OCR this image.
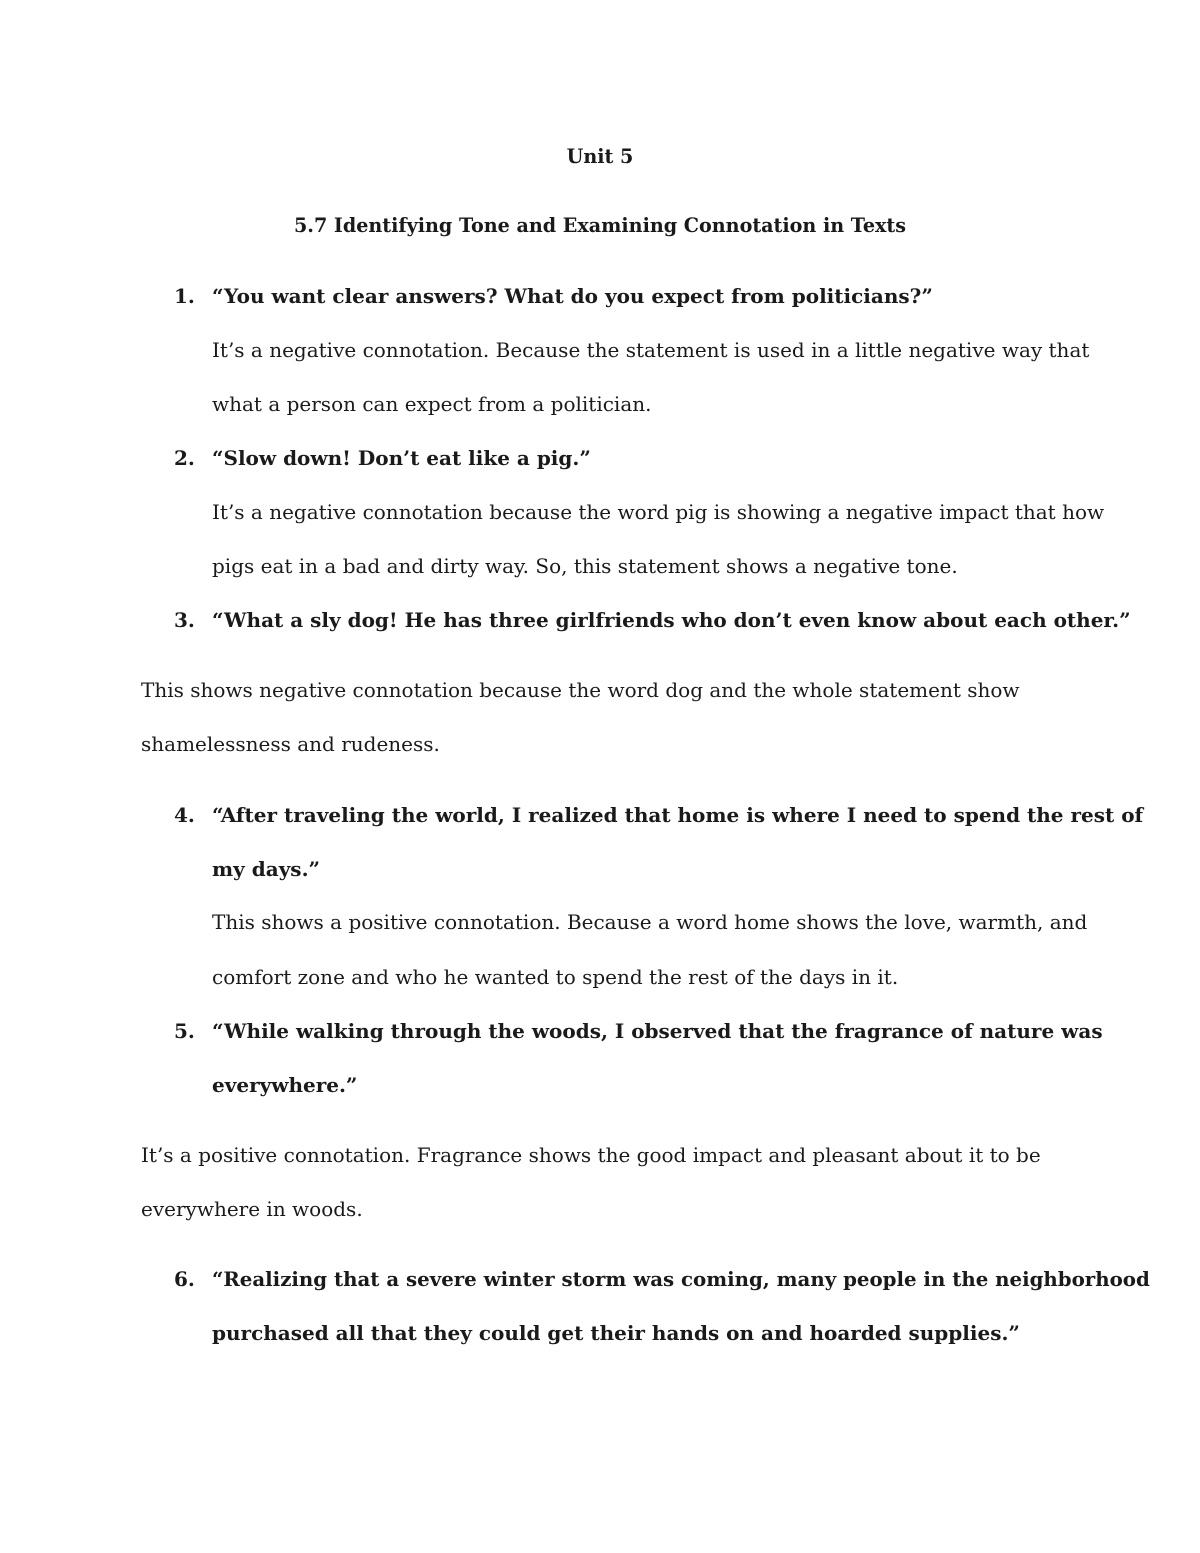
Unit 5
5.7 Identifying Tone and Examining Connotation in Texts
1. “You want clear answers? What do you expect from politicians?”
It’s a negative connotation. Because the statement is used in a little negative way that
what a person can expect from a politician.
2. “Slow down! Don’t eat like a pig.”
It’s a negative connotation because the word pig is showing a negative impact that how
pigs eat in a bad and dirty way. So, this statement shows a negative tone.
3. “What a sly dog! He has three girlfriends who don’t even know about each other.”
This shows negative connotation because the word dog and the whole statement show
shamelessness and rudeness.
4. “After traveling the world, I realized that home is where I need to spend the rest of
my days.”
This shows a positive connotation. Because a word home shows the love, warmth, and
comfort zone and who he wanted to spend the rest of the days in it.
5. “While walking through the woods, I observed that the fragrance of nature was
everywhere.”
It’s a positive connotation. Fragrance shows the good impact and pleasant about it to be
everywhere in woods.
6. “Realizing that a severe winter storm was coming, many people in the neighborhood
purchased all that they could get their hands on and hoarded supplies.”
